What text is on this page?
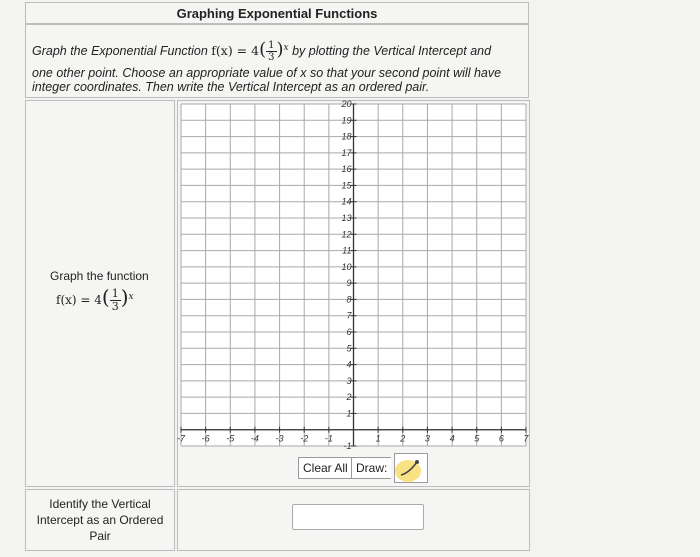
Graphing Exponential Functions
Graph the Exponential Function $f(x) = 4( \frac{1}{3} )^x$ by plotting the Vertical Intercept and
one other point. Choose an appropriate value of x so that your second point will have
integer coordinates. Then write the Vertical Intercept as an ordered pair.
Graph the function
$f(x) = 4( \frac{1}{3} )^x$
-7 -6 -5 -4 -3 -2 -1	1 2 3 4 5 6 7
20
19
18
17
16
15
14
13
12
11
10
9
8
7
6
5
4
3
2
1
-1
Clear All Draw:
Identify the Vertical
Intercept as an Ordered
Pair
